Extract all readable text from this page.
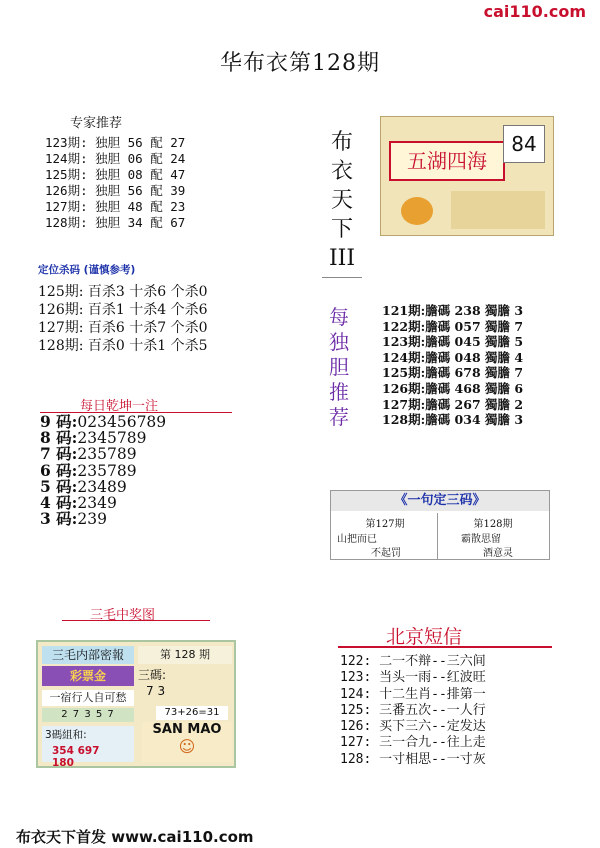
cai110.com
华布衣第128期
专家推荐
123期: 独胆 56 配 27
124期: 独胆 06 配 24
125期: 独胆 08 配 47
126期: 独胆 56 配 39
127期: 独胆 48 配 23
128期: 独胆 34 配 67
定位杀码 (谨慎参考)
125期: 百杀3 十杀6 个杀0
126期: 百杀1 十杀4 个杀6
127期: 百杀6 十杀7 个杀0
128期: 百杀0 十杀1 个杀5
每日乾坤一注
9 码:023456789
8 码:2345789
7 码:235789
6 码:235789
5 码:23489
4 码:2349
3 码:239
三毛中奖图
三毛内部密報	第 128 期
彩票金	三碼:
7 3
一宿行人自可愁
2 7 3 5 7	73+26=31
3碼組和:
354 697 180
SAN MAO
☺
布
衣
天
下
III
五湖四海
84
每
独
胆
推
荐
121期:膽碼 238 獨膽 3
122期:膽碼 057 獨膽 7
123期:膽碼 045 獨膽 5
124期:膽碼 048 獨膽 4
125期:膽碼 678 獨膽 7
126期:膽碼 468 獨膽 6
127期:膽碼 267 獨膽 2
128期:膽碼 034 獨膽 3
《一句定三码》
第127期	第128期
山把而已	霸散思留
不起罚	酒意灵
北京短信
122: 二一不辩--三六间
123: 当头一雨--红波旺
124: 十二生肖--排第一
125: 三番五次--一人行
126: 买下三六--定发达
127: 三一合九--往上走
128: 一寸相思--一寸灰
布衣天下首发 www.cai110.com
